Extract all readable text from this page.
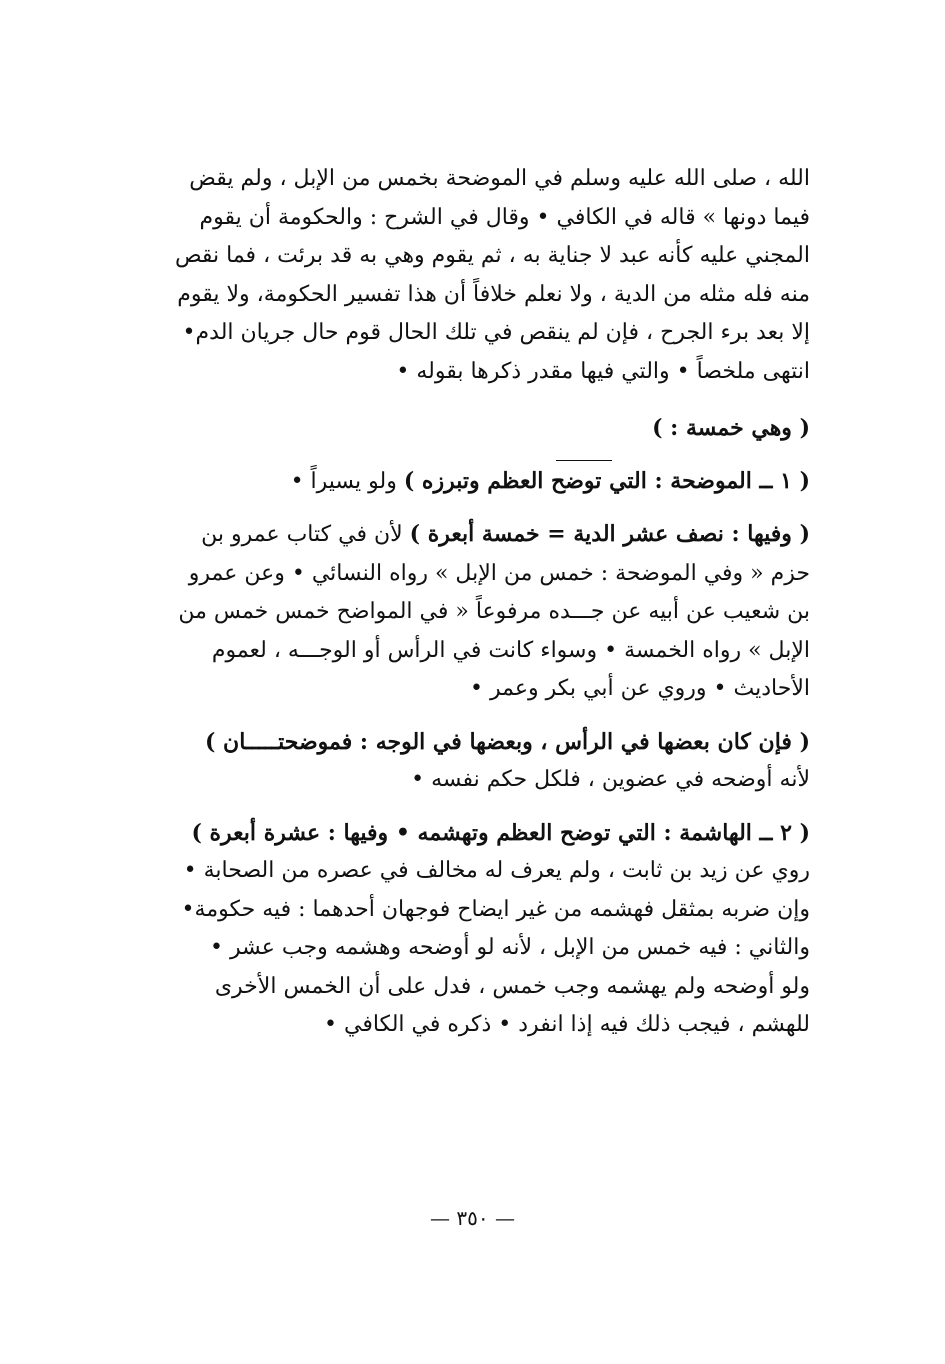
الله ، صلى الله عليه وسلم في الموضحة بخمس من الإبل ، ولم يقض
فيما دونها » قاله في الكافي • وقال في الشرح : والحكومة أن يقوم
المجني عليه كأنه عبد لا جناية به ، ثم يقوم وهي به قد برئت ، فما نقص
منه فله مثله من الدية ، ولا نعلم خلافاً أن هذا تفسير الحكومة، ولا يقوم
إلا بعد برء الجرح ، فإن لم ينقص في تلك الحال قوم حال جريان الدم•
انتهى ملخصاً • والتي فيها مقدر ذكرها بقوله •
( وهي خمسة : )
( ١ ــ الموضحة : التي توضح العظم وتبرزه ) ولو يسيراً •
( وفيها : نصف عشر الدية = خمسة أبعرة ) لأن في كتاب عمرو بن
حزم « وفي الموضحة : خمس من الإبل » رواه النسائي • وعن عمرو
بن شعيب عن أبيه عن جـــده مرفوعاً « في المواضح خمس خمس من
الإبل » رواه الخمسة • وسواء كانت في الرأس أو الوجـــه ، لعموم
الأحاديث • وروي عن أبي بكر وعمر •
( فإن كان بعضها في الرأس ، وبعضها في الوجه : فموضحتـــــان )
لأنه أوضحه في عضوين ، فلكل حكم نفسه •
( ٢ ــ الهاشمة : التي توضح العظم وتهشمه • وفيها : عشرة أبعرة )
روي عن زيد بن ثابت ، ولم يعرف له مخالف في عصره من الصحابة •
وإن ضربه بمثقل فهشمه من غير ايضاح فوجهان أحدهما : فيه حكومة•
والثاني : فيه خمس من الإبل ، لأنه لو أوضحه وهشمه وجب عشر •
ولو أوضحه ولم يهشمه وجب خمس ، فدل على أن الخمس الأخرى
للهشم ، فيجب ذلك فيه إذا انفرد • ذكره في الكافي •
— ٣٥٠ —
